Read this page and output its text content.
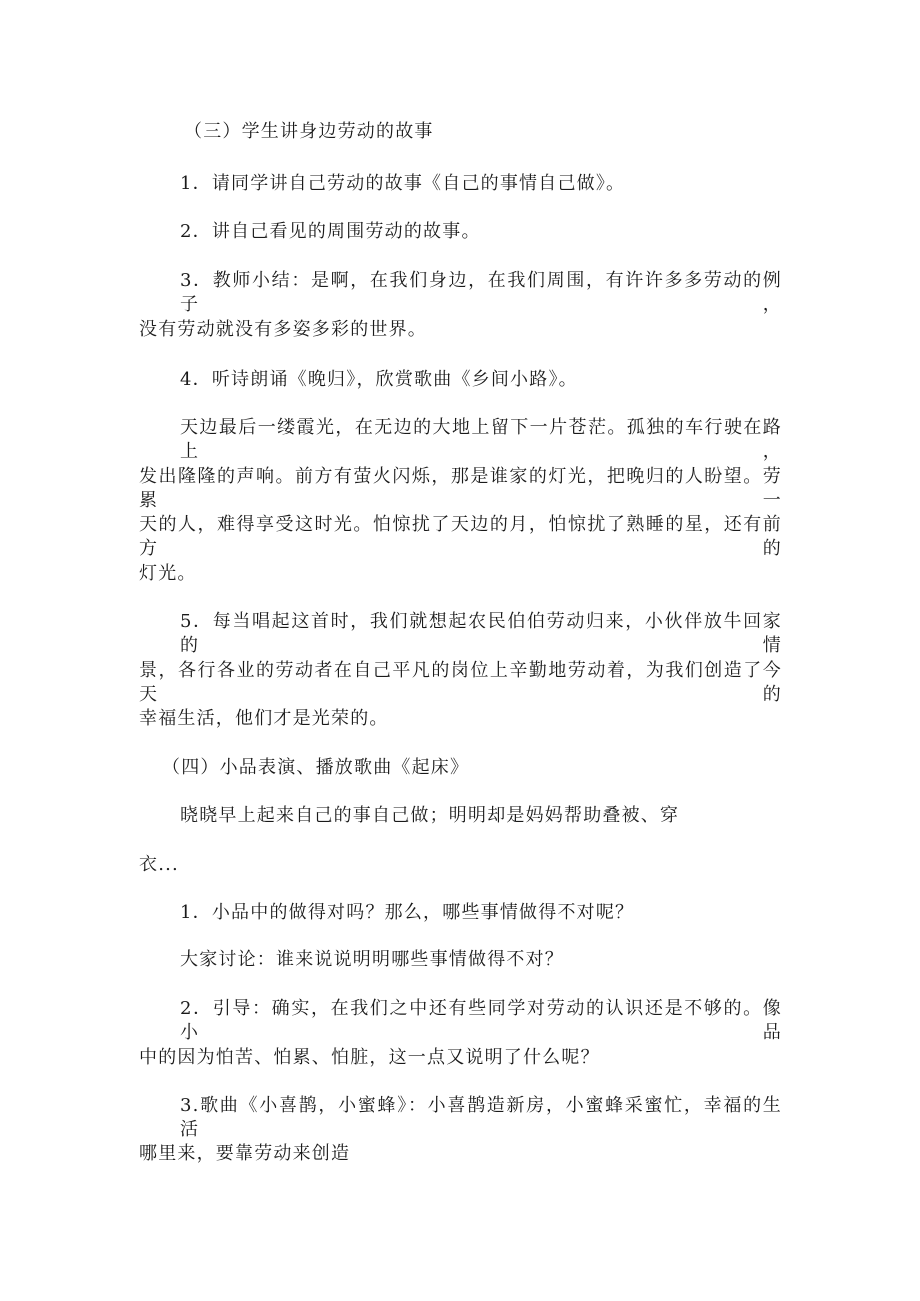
（三）学生讲身边劳动的故事

1．请同学讲自己劳动的故事《自己的事情自己做》。

2．讲自己看见的周围劳动的故事。

3．教师小结：是啊，在我们身边，在我们周围，有许许多多劳动的例子，

没有劳动就没有多姿多彩的世界。

4．听诗朗诵《晚归》，欣赏歌曲《乡间小路》。

天边最后一缕霞光，在无边的大地上留下一片苍茫。孤独的车行驶在路上，

发出隆隆的声响。前方有萤火闪烁，那是谁家的灯光，把晚归的人盼望。劳累一

天的人，难得享受这时光。怕惊扰了天边的月，怕惊扰了熟睡的星，还有前方的

灯光。

5．每当唱起这首时，我们就想起农民伯伯劳动归来，小伙伴放牛回家的情

景，各行各业的劳动者在自己平凡的岗位上辛勤地劳动着，为我们创造了今天的

幸福生活，他们才是光荣的。

（四）小品表演、播放歌曲《起床》

晓晓早上起来自己的事自己做；明明却是妈妈帮助叠被、穿

衣...

1．小品中的做得对吗？那么，哪些事情做得不对呢？

大家讨论：谁来说说明明哪些事情做得不对？

2．引导：确实，在我们之中还有些同学对劳动的认识还是不够的。像小品

中的因为怕苦、怕累、怕脏，这一点又说明了什么呢？

3.歌曲《小喜鹊，小蜜蜂》：小喜鹊造新房，小蜜蜂采蜜忙，幸福的生活

哪里来，要靠劳动来创造
